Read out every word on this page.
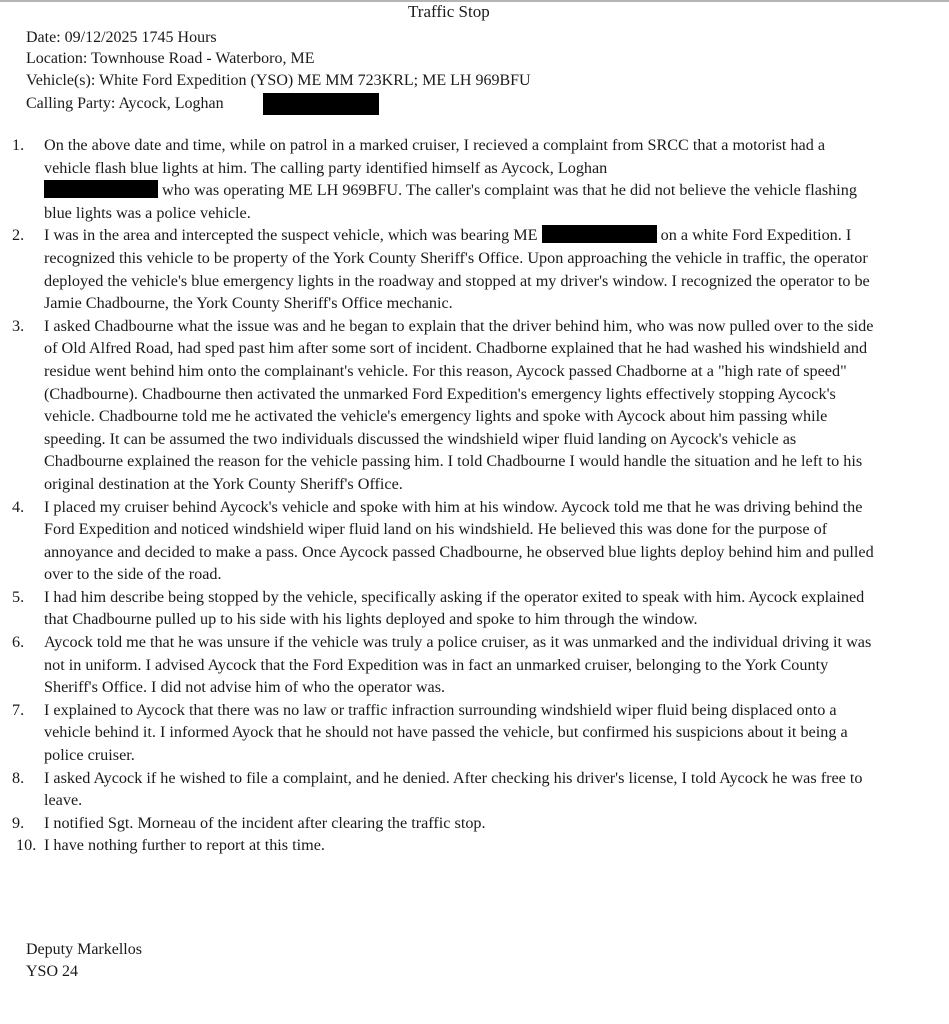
Traffic Stop
Date: 09/12/2025 1745 Hours
Location: Townhouse Road - Waterboro, ME
Vehicle(s): White Ford Expedition (YSO) ME MM 723KRL; ME LH 969BFU
Calling Party: Aycock, Loghan
1.	On the above date and time, while on patrol in a marked cruiser, I recieved a complaint from SRCC that a motorist had a vehicle flash blue lights at him. The calling party identified himself as Aycock, Loghan
who was operating ME LH 969BFU. The caller's complaint was that he did not believe the vehicle flashing blue lights was a police vehicle.
2.	I was in the area and intercepted the suspect vehicle, which was bearing ME	on a white Ford Expedition. I recognized this vehicle to be property of the York County Sheriff's Office. Upon approaching the vehicle in traffic, the operator deployed the vehicle's blue emergency lights in the roadway and stopped at my driver's window. I recognized the operator to be Jamie Chadbourne, the York County Sheriff's Office mechanic.
3.	I asked Chadbourne what the issue was and he began to explain that the driver behind him, who was now pulled over to the side of Old Alfred Road, had sped past him after some sort of incident. Chadborne explained that he had washed his windshield and residue went behind him onto the complainant's vehicle. For this reason, Aycock passed Chadborne at a "high rate of speed" (Chadbourne). Chadbourne then activated the unmarked Ford Expedition's emergency lights effectively stopping Aycock's vehicle. Chadbourne told me he activated the vehicle's emergency lights and spoke with Aycock about him passing while speeding. It can be assumed the two individuals discussed the windshield wiper fluid landing on Aycock's vehicle as Chadbourne explained the reason for the vehicle passing him. I told Chadbourne I would handle the situation and he left to his original destination at the York County Sheriff's Office.
4.	I placed my cruiser behind Aycock's vehicle and spoke with him at his window. Aycock told me that he was driving behind the Ford Expedition and noticed windshield wiper fluid land on his windshield. He believed this was done for the purpose of annoyance and decided to make a pass. Once Aycock passed Chadbourne, he observed blue lights deploy behind him and pulled over to the side of the road.
5.	I had him describe being stopped by the vehicle, specifically asking if the operator exited to speak with him. Aycock explained that Chadbourne pulled up to his side with his lights deployed and spoke to him through the window.
6.	Aycock told me that he was unsure if the vehicle was truly a police cruiser, as it was unmarked and the individual driving it was not in uniform. I advised Aycock that the Ford Expedition was in fact an unmarked cruiser, belonging to the York County Sheriff's Office. I did not advise him of who the operator was.
7.	I explained to Aycock that there was no law or traffic infraction surrounding windshield wiper fluid being displaced onto a vehicle behind it. I informed Ayock that he should not have passed the vehicle, but confirmed his suspicions about it being a police cruiser.
8.	I asked Aycock if he wished to file a complaint, and he denied. After checking his driver's license, I told Aycock he was free to leave.
9.	I notified Sgt. Morneau of the incident after clearing the traffic stop.
10. I have nothing further to report at this time.
Deputy Markellos
YSO 24
